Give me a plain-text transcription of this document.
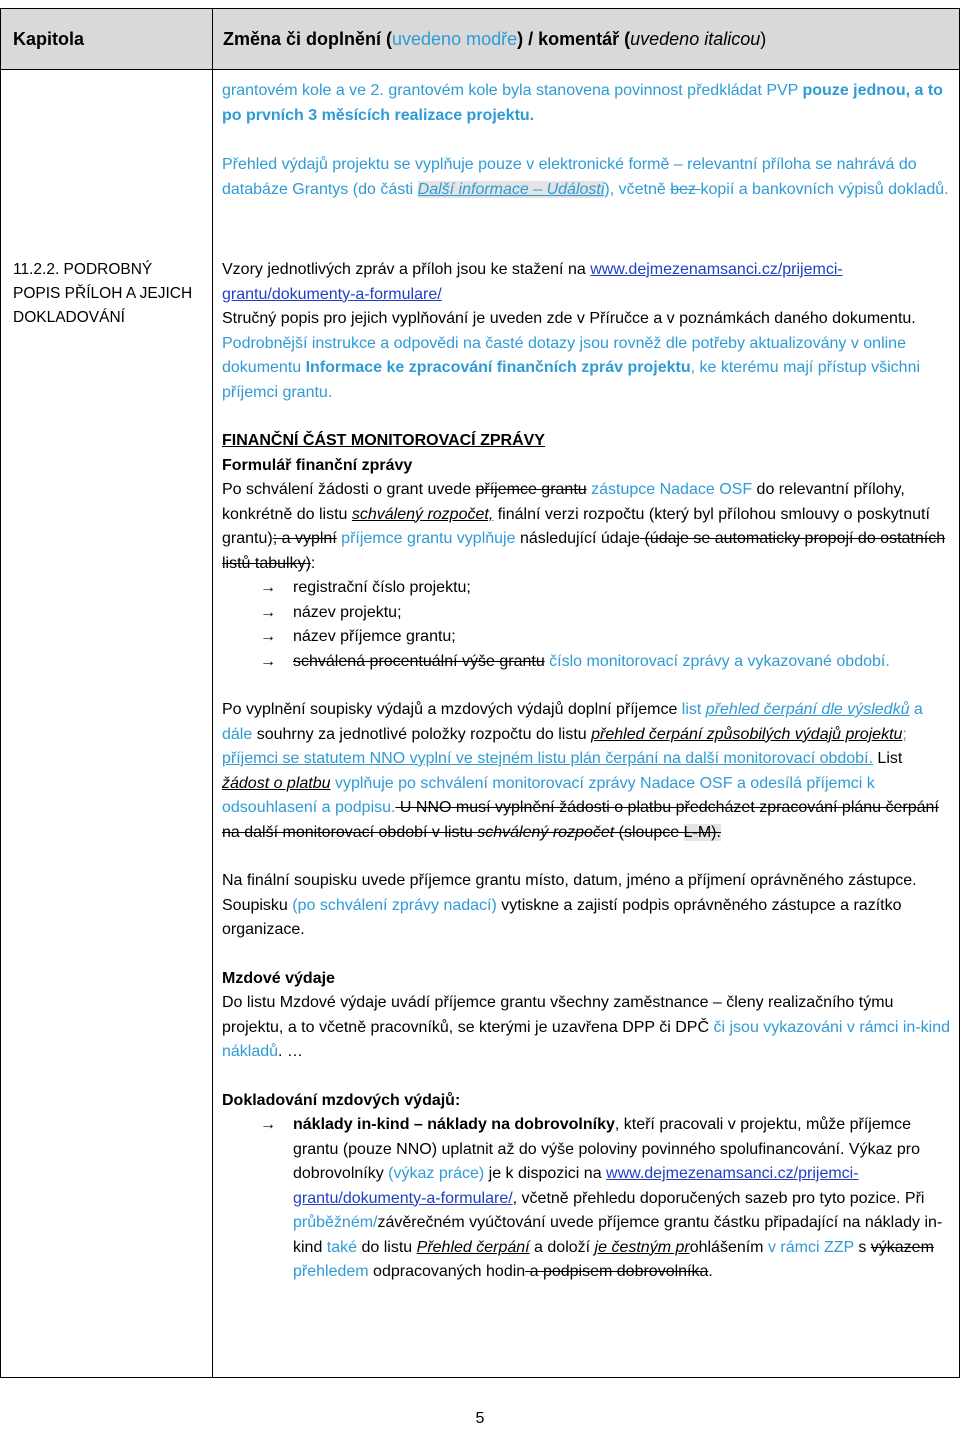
Kapitola	Změna či doplnění (uvedeno modře) / komentář (uvedeno italicou)
11.2.2. PODROBNÝ POPIS PŘÍLOH A JEJICH DOKLADOVÁNÍ

grantovém kole a ve 2. grantovém kole byla stanovena povinnost předkládat PVP pouze jednou, a to po prvních 3 měsících realizace projektu.

Přehled výdajů projektu se vyplňuje pouze v elektronické formě – relevantní příloha se nahrává do databáze Grantys (do části Další informace – Události), včetně bez kopií a bankovních výpisů dokladů.

Vzory jednotlivých zpráv a příloh jsou ke stažení na www.dejmezenamsanci.cz/prijemci-grantu/dokumenty-a-formulare/

Stručný popis pro jejich vyplňování je uveden zde v Příručce a v poznámkách daného dokumentu. Podrobnější instrukce a odpovědi na časté dotazy jsou rovněž dle potřeby aktualizovány v online dokumentu Informace ke zpracování finančních zpráv projektu, ke kterému mají přístup všichni příjemci grantu.

FINANČNÍ ČÁST MONITOROVACÍ ZPRÁVY

Formulář finanční zprávy

Po schválení žádosti o grant uvede příjemce grantu zástupce Nadace OSF do relevantní přílohy, konkrétně do listu schválený rozpočet, finální verzi rozpočtu (který byl přílohou smlouvy o poskytnutí grantu); a vyplní příjemce grantu vyplňuje následující údaje (údaje se automaticky propojí do ostatních listů tabulky):

→ registrační číslo projektu;
→ název projektu;
→ název příjemce grantu;
→ schválená procentuální výše grantu číslo monitorovací zprávy a vykazované období.

Po vyplnění soupisky výdajů a mzdových výdajů doplní příjemce list přehled čerpání dle výsledků a dále souhrny za jednotlivé položky rozpočtu do listu přehled čerpání způsobilých výdajů projektu; příjemci se statutem NNO vyplní ve stejném listu plán čerpání na další monitorovací období. List žádost o platbu vyplňuje po schválení monitorovací zprávy Nadace OSF a odesílá příjemci k odsouhlasení a podpisu. U NNO musí vyplnění žádosti o platbu předcházet zpracování plánu čerpání na další monitorovací období v listu schválený rozpočet (sloupce L-M).

Na finální soupisku uvede příjemce grantu místo, datum, jméno a příjmení oprávněného zástupce. Soupisku (po schválení zprávy nadací) vytiskne a zajistí podpis oprávněného zástupce a razítko organizace.

Mzdové výdaje

Do listu Mzdové výdaje uvádí příjemce grantu všechny zaměstnance – členy realizačního týmu projektu, a to včetně pracovníků, se kterými je uzavřena DPP či DPČ či jsou vykazováni v rámci in-kind nákladů. …

Dokladování mzdových výdajů:

→ náklady in-kind – náklady na dobrovolníky, kteří pracovali v projektu, může příjemce grantu (pouze NNO) uplatnit až do výše poloviny povinného spolufinancování. Výkaz pro dobrovolníky (výkaz práce) je k dispozici na www.dejmezenamsanci.cz/prijemci-grantu/dokumenty-a-formulare/, včetně přehledu doporučených sazeb pro tyto pozice. Při průběžném/závěrečném vyúčtování uvede příjemce grantu částku připadající na náklady in-kind také do listu Přehled čerpání a doloží je čestným prohlášením v rámci ZZP s výkazem přehledem odpracovaných hodin a podpisem dobrovolníka.
5
